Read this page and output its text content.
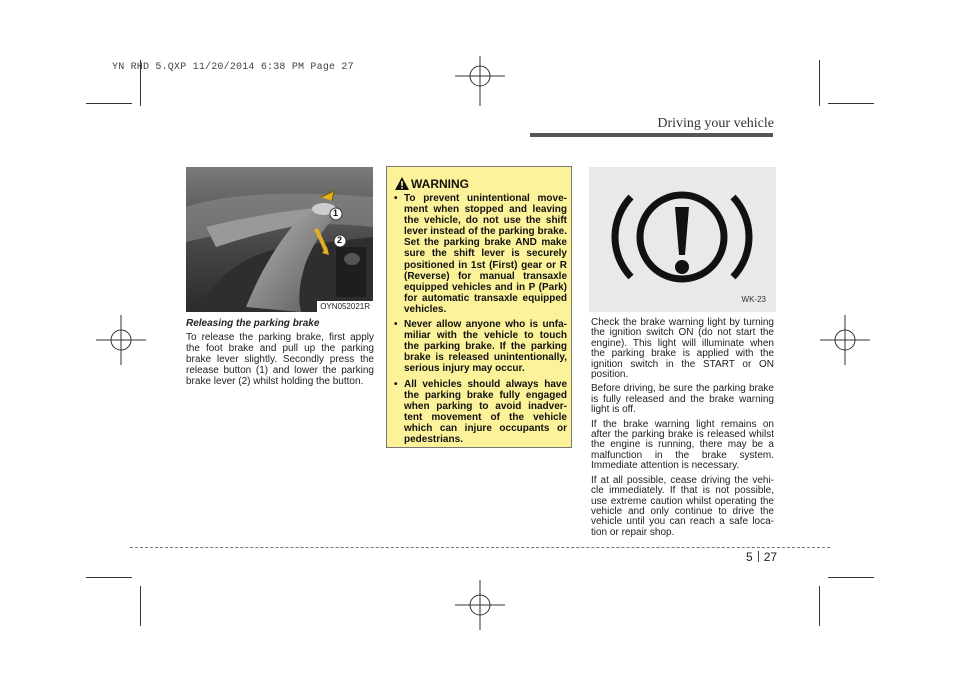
YN RHD 5.QXP 11/20/2014 6:38 PM Page 27
Driving your vehicle
1
2
OYN052021R
Releasing the parking brake
To release the parking brake, first apply the foot brake and pull up the parking brake lever slightly. Secondly press the release button (1) and lower the parking brake lever (2) whilst holding the button.
WARNING
• To prevent unintentional move-ment when stopped and leaving the vehicle, do not use the shift lever instead of the parking brake. Set the parking brake AND make sure the shift lever is securely positioned in 1st (First) gear or R (Reverse) for manual transaxle equipped vehicles and in P (Park) for automatic transaxle equipped vehicles.
• Never allow anyone who is unfa-miliar with the vehicle to touch the parking brake. If the parking brake is released unintentionally, serious injury may occur.
• All vehicles should always have the parking brake fully engaged when parking to avoid inadver-tent movement of the vehicle which can injure occupants or pedestrians.
WK-23

Check the brake warning light by turning the ignition switch ON (do not start the engine). This light will illuminate when the parking brake is applied with the ignition switch in the START or ON position.

Before driving, be sure the parking brake is fully released and the brake warning light is off.

If the brake warning light remains on after the parking brake is released whilst the engine is running, there may be a malfunction in the brake system. Immediate attention is necessary.

If at all possible, cease driving the vehi-cle immediately. If that is not possible, use extreme caution whilst operating the vehicle and only continue to drive the vehicle until you can reach a safe loca-tion or repair shop.

5 27
